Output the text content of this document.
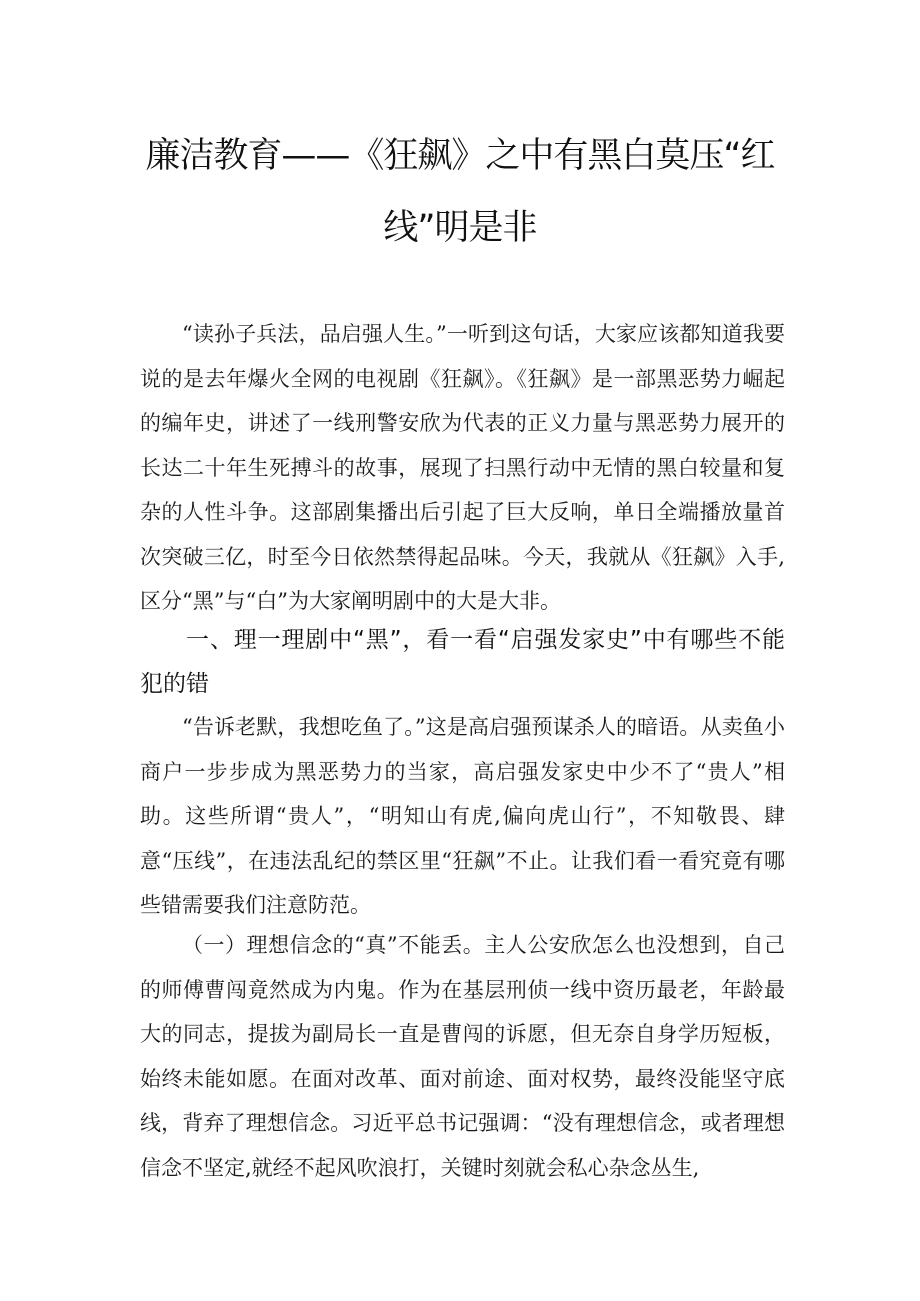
廉洁教育——《狂飙》之中有黑白莫压“红
线”明是非

“读孙子兵法，品启强人生。”一听到这句话，大家应该都知道我要说的是去年爆火全网的电视剧《狂飙》。《狂飙》是一部黑恶势力崛起的编年史，讲述了一线刑警安欣为代表的正义力量与黑恶势力展开的长达二十年生死搏斗的故事，展现了扫黑行动中无情的黑白较量和复杂的人性斗争。这部剧集播出后引起了巨大反响，单日全端播放量首次突破三亿，时至今日依然禁得起品味。今天，我就从《狂飙》入手,区分“黑”与“白”为大家阐明剧中的大是大非。

一、理一理剧中“黑”，看一看“启强发家史”中有哪些不能犯的错

“告诉老默，我想吃鱼了。”这是高启强预谋杀人的暗语。从卖鱼小商户一步步成为黑恶势力的当家，高启强发家史中少不了“贵人”相助。这些所谓“贵人”，“明知山有虎,偏向虎山行”，不知敬畏、肆意“压线”，在违法乱纪的禁区里“狂飙”不止。让我们看一看究竟有哪些错需要我们注意防范。

（一）理想信念的“真”不能丢。主人公安欣怎么也没想到，自己的师傅曹闯竟然成为内鬼。作为在基层刑侦一线中资历最老，年龄最大的同志，提拔为副局长一直是曹闯的诉愿，但无奈自身学历短板，始终未能如愿。在面对改革、面对前途、面对权势，最终没能坚守底线，背弃了理想信念。习近平总书记强调：“没有理想信念，或者理想信念不坚定,就经不起风吹浪打，关键时刻就会私心杂念丛生,
